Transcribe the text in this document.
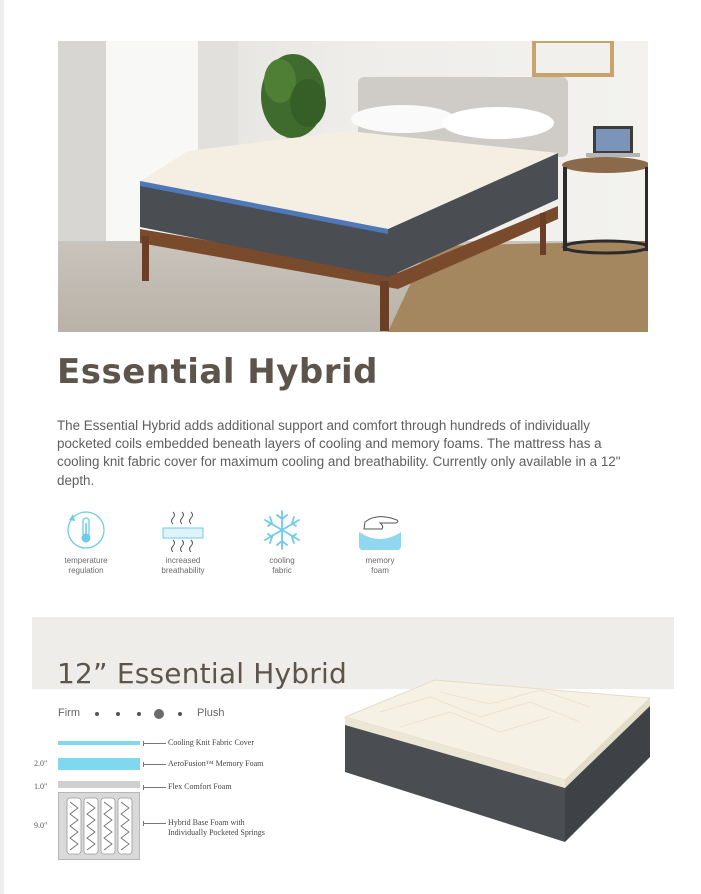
Essential Hybrid

The Essential Hybrid adds additional support and comfort through hundreds of individually pocketed coils embedded beneath layers of cooling and memory foams. The mattress has a cooling knit fabric cover for maximum cooling and breathability. Currently only available in a 12" depth.

temperature
regulation
increased
breathability
cooling
fabric
memory
foam
12” Essential Hybrid
Firm	Plush
Cooling Knit Fabric Cover
2.0"	AeroFusion™ Memory Foam
1.0"	Flex Comfort Foam
9.0"	Hybrid Base Foam with
Individually Pocketed Springs
